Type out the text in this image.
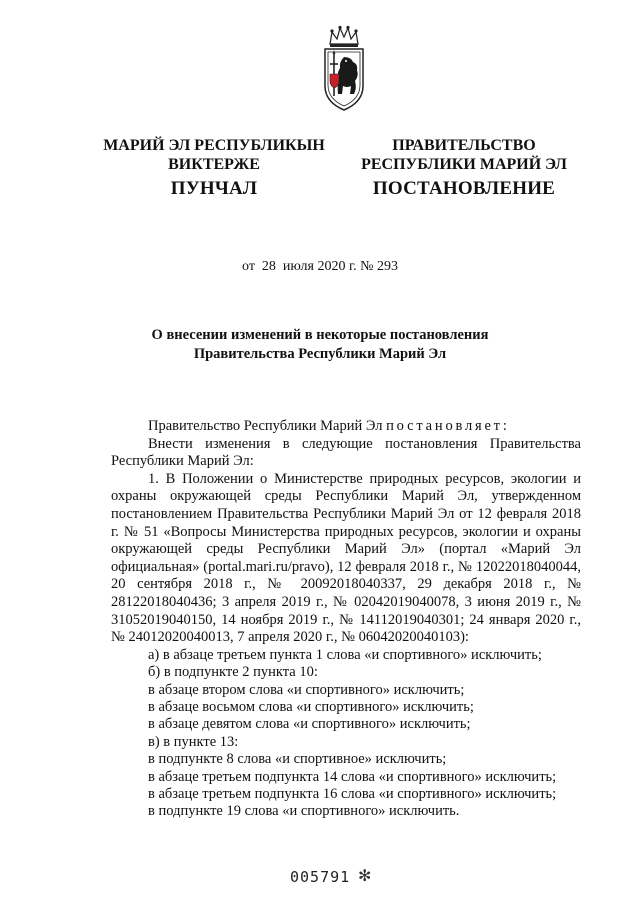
МАРИЙ ЭЛ РЕСПУБЛИКЫН
ВИКТЕРЖЕ
ПУНЧАЛ
ПРАВИТЕЛЬСТВО
РЕСПУБЛИКИ МАРИЙ ЭЛ
ПОСТАНОВЛЕНИЕ
от  28  июля 2020 г. № 293
О внесении изменений в некоторые постановления
Правительства Республики Марий Эл

Правительство Республики Марий Эл постановляет:

Внести изменения в следующие постановления Правительства Республики Марий Эл:

1. В Положении о Министерстве природных ресурсов, экологии и охраны окружающей среды Республики Марий Эл, утвержденном постановлением Правительства Республики Марий Эл от 12 февраля 2018 г. № 51 «Вопросы Министерства природных ресурсов, экологии и охраны окружающей среды Республики Марий Эл» (портал «Марий Эл официальная» (portal.mari.ru/pravo), 12 февраля 2018 г., № 12022018040044, 20 сентября 2018 г., № 20092018040337, 29 декабря 2018 г., № 28122018040436; 3 апреля 2019 г., № 02042019040078, 3 июня 2019 г., № 31052019040150, 14 ноября 2019 г., № 14112019040301; 24 января 2020 г., № 24012020040013, 7 апреля 2020 г., № 06042020040103):

а) в абзаце третьем пункта 1 слова «и спортивного» исключить;

б) в подпункте 2 пункта 10:

в абзаце втором слова «и спортивного» исключить;

в абзаце восьмом слова «и спортивного» исключить;

в абзаце девятом слова «и спортивного» исключить;

в) в пункте 13:

в подпункте 8 слова «и спортивное» исключить;

в абзаце третьем подпункта 14 слова «и спортивного» исключить;

в абзаце третьем подпункта 16 слова «и спортивного» исключить;

в подпункте 19 слова «и спортивного» исключить.

005791 ✻
